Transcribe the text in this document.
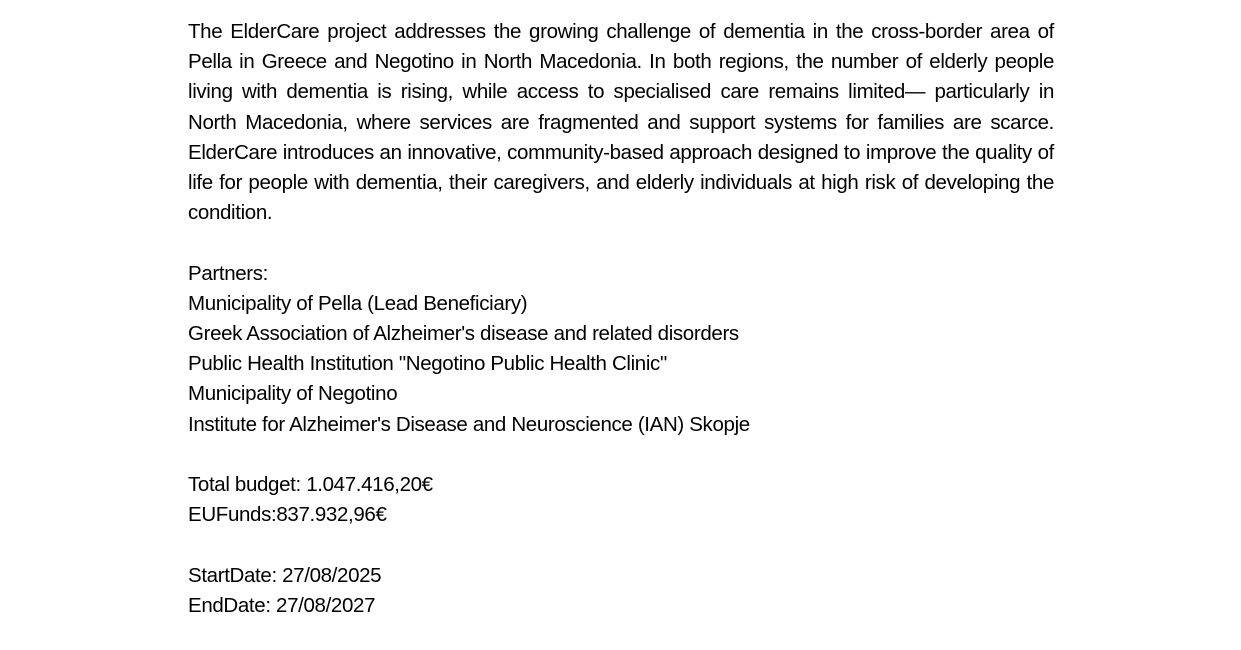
The ElderCare project addresses the growing challenge of dementia in the cross-border area of Pella in Greece and Negotino in North Macedonia. In both regions, the number of elderly people living with dementia is rising, while access to specialised care remains limited— particularly in North Macedonia, where services are fragmented and support systems for families are scarce. ElderCare introduces an innovative, community-based approach designed to improve the quality of life for people with dementia, their caregivers, and elderly individuals at high risk of developing the condition.

Partners:
Municipality of Pella (Lead Beneficiary)
Greek Association of Alzheimer's disease and related disorders
Public Health Institution "Negotino Public Health Clinic"
Municipality of Negotino
Institute for Alzheimer's Disease and Neuroscience (IAN) Skopje
Total budget: 1.047.416,20€
EUFunds:837.932,96€
StartDate: 27/08/2025
EndDate: 27/08/2027
